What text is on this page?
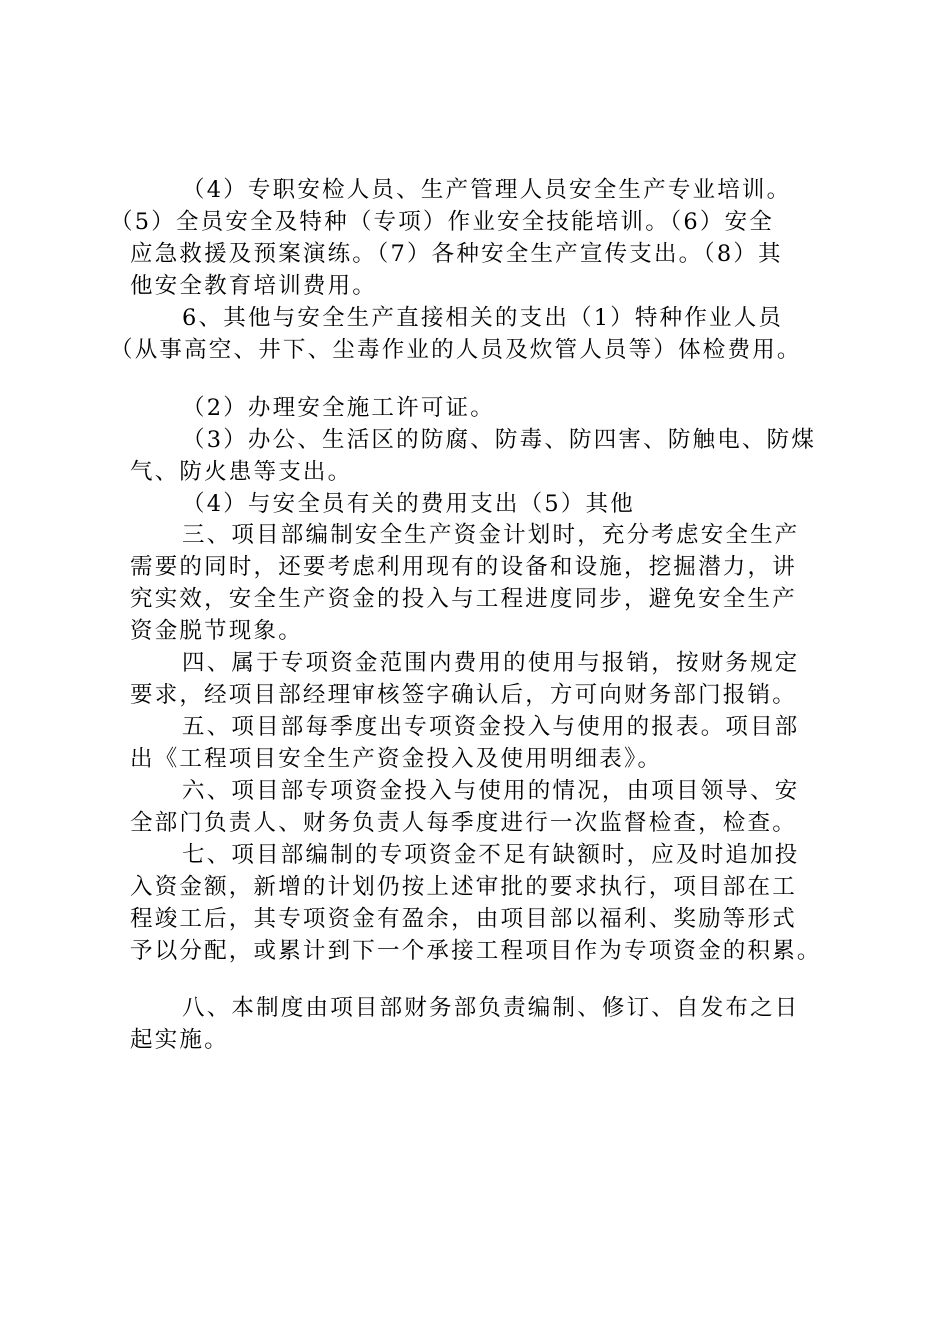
（4）专职安检人员、生产管理人员安全生产专业培训。
（5）全员安全及特种（专项）作业安全技能培训。（6）安全
应急救援及预案演练。（7）各种安全生产宣传支出。（8）其
他安全教育培训费用。
6、其他与安全生产直接相关的支出（1）特种作业人员
（从事高空、井下、尘毒作业的人员及炊管人员等）体检费用。
（2）办理安全施工许可证。
（3）办公、生活区的防腐、防毒、防四害、防触电、防煤
气、防火患等支出。
（4）与安全员有关的费用支出（5）其他
三、项目部编制安全生产资金计划时，充分考虑安全生产
需要的同时，还要考虑利用现有的设备和设施，挖掘潜力，讲
究实效，安全生产资金的投入与工程进度同步，避免安全生产
资金脱节现象。
四、属于专项资金范围内费用的使用与报销，按财务规定
要求，经项目部经理审核签字确认后，方可向财务部门报销。
五、项目部每季度出专项资金投入与使用的报表。项目部
出《工程项目安全生产资金投入及使用明细表》。
六、项目部专项资金投入与使用的情况，由项目领导、安
全部门负责人、财务负责人每季度进行一次监督检查，检查。
七、项目部编制的专项资金不足有缺额时，应及时追加投
入资金额，新增的计划仍按上述审批的要求执行，项目部在工
程竣工后，其专项资金有盈余，由项目部以福利、奖励等形式
予以分配，或累计到下一个承接工程项目作为专项资金的积累。
八、本制度由项目部财务部负责编制、修订、自发布之日
起实施。
